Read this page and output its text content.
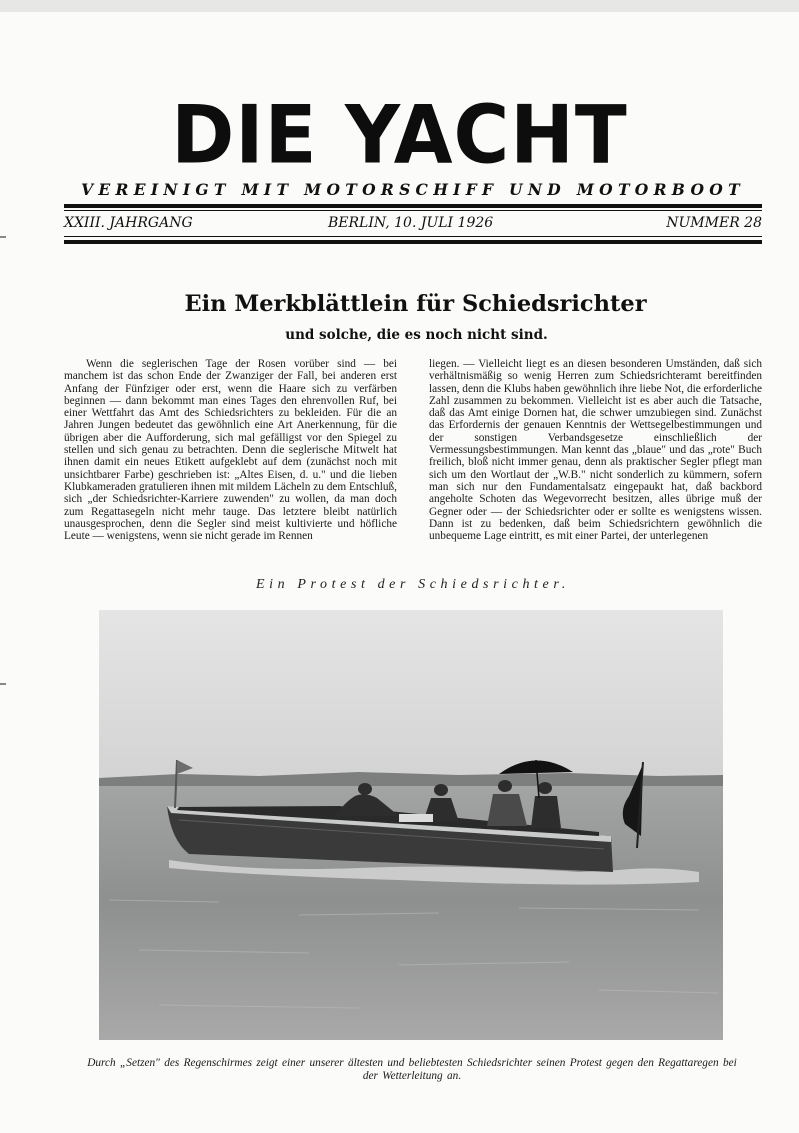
DIE YACHT
VEREINIGT MIT MOTORSCHIFF UND MOTORBOOT
XXIII. JAHRGANG	BERLIN, 10. JULI 1926	NUMMER 28
Ein Merkblättlein für Schiedsrichter
und solche, die es noch nicht sind.
Wenn die seglerischen Tage der Rosen vorüber sind — bei manchem ist das schon Ende der Zwanziger der Fall, bei anderen erst Anfang der Fünfziger oder erst, wenn die Haare sich zu verfärben beginnen — dann bekommt man eines Tages den ehrenvollen Ruf, bei einer Wettfahrt das Amt des Schiedsrichters zu bekleiden. Für die an Jahren Jungen bedeutet das gewöhnlich eine Art Anerkennung, für die übrigen aber die Aufforderung, sich mal gefälligst vor den Spiegel zu stellen und sich genau zu betrachten. Denn die seglerische Mitwelt hat ihnen damit ein neues Etikett aufgeklebt auf dem (zunächst noch mit unsichtbarer Farbe) geschrieben ist: „Altes Eisen, d. u." und die lieben Klubkameraden gratulieren ihnen mit mildem Lächeln zu dem Entschluß, sich „der Schiedsrichter-Karriere zuwenden" zu wollen, da man doch zum Regattasegeln nicht mehr tauge. Das letztere bleibt natürlich unausgesprochen, denn die Segler sind meist kultivierte und höfliche Leute — wenigstens, wenn sie nicht gerade im Rennen
liegen. — Vielleicht liegt es an diesen besonderen Umständen, daß sich verhältnismäßig so wenig Herren zum Schiedsrichteramt bereitfinden lassen, denn die Klubs haben gewöhnlich ihre liebe Not, die erforderliche Zahl zusammen zu bekommen. Vielleicht ist es aber auch die Tatsache, daß das Amt einige Dornen hat, die schwer umzubiegen sind. Zunächst das Erfordernis der genauen Kenntnis der Wettsegelbestimmungen und der sonstigen Verbandsgesetze einschließlich der Vermessungsbestimmungen. Man kennt das „blaue" und das „rote" Buch freilich, bloß nicht immer genau, denn als praktischer Segler pflegt man sich um den Wortlaut der „W.B." nicht sonderlich zu kümmern, sofern man sich nur den Fundamentalsatz eingepaukt hat, daß backbord angeholte Schoten das Wegevorrecht besitzen, alles übrige muß der Gegner oder — der Schiedsrichter oder er sollte es wenigstens wissen. Dann ist zu bedenken, daß beim Schiedsrichtern gewöhnlich die unbequeme Lage eintritt, es mit einer Partei, der unterlegenen
Ein Protest der Schiedsrichter.
Durch „Setzen" des Regenschirmes zeigt einer unserer ältesten und beliebtesten Schiedsrichter seinen Protest gegen den Regattaregen bei der Wetterleitung an.
